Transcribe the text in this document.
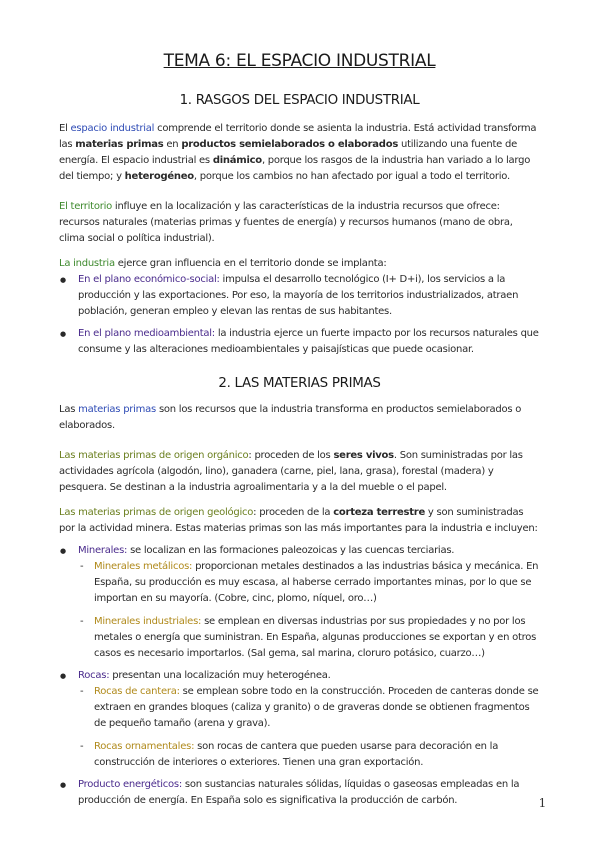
TEMA 6: EL ESPACIO INDUSTRIAL
1. RASGOS DEL ESPACIO INDUSTRIAL

El espacio industrial comprende el territorio donde se asienta la industria. Está actividad transforma las materias primas en productos semielaborados o elaborados utilizando una fuente de energía. El espacio industrial es dinámico, porque los rasgos de la industria han variado a lo largo del tiempo; y heterogéneo, porque los cambios no han afectado por igual a todo el territorio.

El territorio influye en la localización y las características de la industria recursos que ofrece: recursos naturales (materias primas y fuentes de energía) y recursos humanos (mano de obra, clima social o política industrial).

La industria ejerce gran influencia en el territorio donde se implanta:

● En el plano económico-social: impulsa el desarrollo tecnológico (I+ D+i), los servicios a la producción y las exportaciones. Por eso, la mayoría de los territorios industrializados, atraen población, generan empleo y elevan las rentas de sus habitantes.
● En el plano medioambiental: la industria ejerce un fuerte impacto por los recursos naturales que consume y las alteraciones medioambientales y paisajísticas que puede ocasionar.
2. LAS MATERIAS PRIMAS

Las materias primas son los recursos que la industria transforma en productos semielaborados o elaborados.

Las materias primas de origen orgánico: proceden de los seres vivos. Son suministradas por las actividades agrícola (algodón, lino), ganadera (carne, piel, lana, grasa), forestal (madera) y pesquera. Se destinan a la industria agroalimentaria y a la del mueble o el papel.

Las materias primas de origen geológico: proceden de la corteza terrestre y son suministradas por la actividad minera. Estas materias primas son las más importantes para la industria e incluyen:

● Minerales: se localizan en las formaciones paleozoicas y las cuencas terciarias.
- Minerales metálicos: proporcionan metales destinados a las industrias básica y mecánica. En España, su producción es muy escasa, al haberse cerrado importantes minas, por lo que se importan en su mayoría. (Cobre, cinc, plomo, níquel, oro…)
- Minerales industriales: se emplean en diversas industrias por sus propiedades y no por los metales o energía que suministran. En España, algunas producciones se exportan y en otros casos es necesario importarlos. (Sal gema, sal marina, cloruro potásico, cuarzo…)
● Rocas: presentan una localización muy heterogénea.
- Rocas de cantera: se emplean sobre todo en la construcción. Proceden de canteras donde se extraen en grandes bloques (caliza y granito) o de graveras donde se obtienen fragmentos de pequeño tamaño (arena y grava).
- Rocas ornamentales: son rocas de cantera que pueden usarse para decoración en la construcción de interiores o exteriores. Tienen una gran exportación.
● Producto energéticos: son sustancias naturales sólidas, líquidas o gaseosas empleadas en la producción de energía. En España solo es significativa la producción de carbón.	1
